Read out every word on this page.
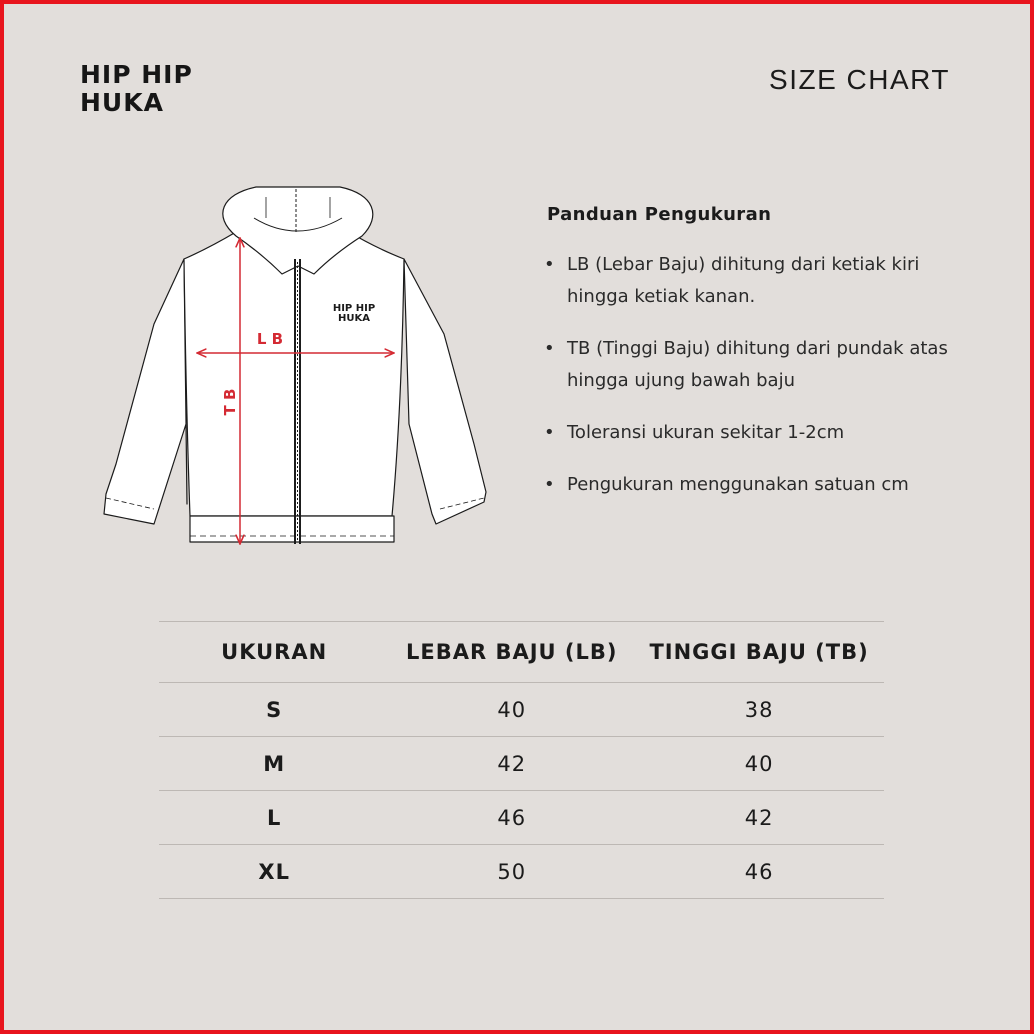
HIP HIP
HUKA
SIZE CHART
HIP HIP
HUKA
L B
T B
Panduan Pengukuran
• LB (Lebar Baju) dihitung dari ketiak kiri hingga ketiak kanan.
• TB (Tinggi Baju) dihitung dari pundak atas hingga ujung bawah baju
• Toleransi ukuran sekitar 1-2cm
• Pengukuran menggunakan satuan cm
UKURAN	LEBAR BAJU (LB)	TINGGI BAJU (TB)
S	40	38
M	42	40
L	46	42
XL	50	46
